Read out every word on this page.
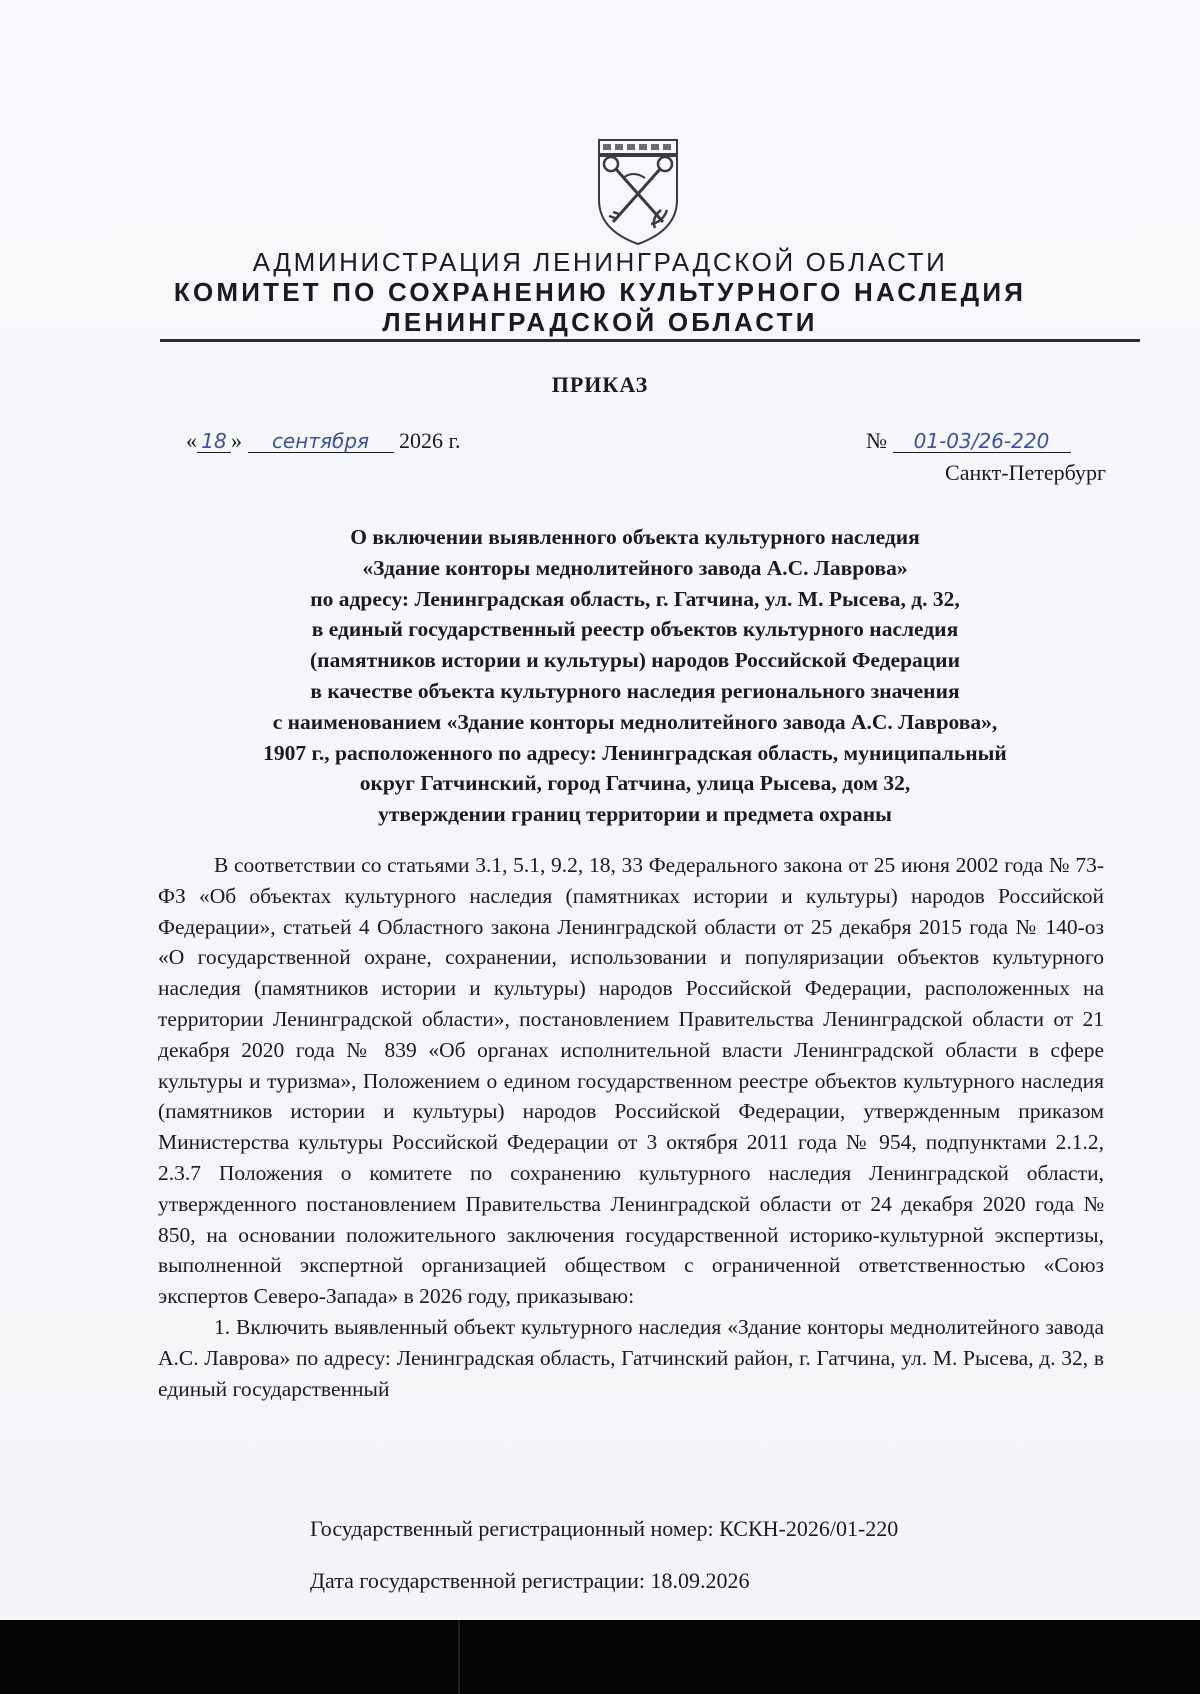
АДМИНИСТРАЦИЯ ЛЕНИНГРАДСКОЙ ОБЛАСТИ
КОМИТЕТ ПО СОХРАНЕНИЮ КУЛЬТУРНОГО НАСЛЕДИЯ
ЛЕНИНГРАДСКОЙ ОБЛАСТИ
ПРИКАЗ
« 18 » сентября 2026 г.	№ 01-03/26-220
Санкт-Петербург
О включении выявленного объекта культурного наследия
«Здание конторы меднолитейного завода А.С. Лаврова»
по адресу: Ленинградская область, г. Гатчина, ул. М. Рысева, д. 32,
в единый государственный реестр объектов культурного наследия
(памятников истории и культуры) народов Российской Федерации
в качестве объекта культурного наследия регионального значения
с наименованием «Здание конторы меднолитейного завода А.С. Лаврова»,
1907 г., расположенного по адресу: Ленинградская область, муниципальный
округ Гатчинский, город Гатчина, улица Рысева, дом 32,
утверждении границ территории и предмета охраны

В соответствии со статьями 3.1, 5.1, 9.2, 18, 33 Федерального закона от 25 июня 2002 года № 73-ФЗ «Об объектах культурного наследия (памятниках истории и культуры) народов Российской Федерации», статьей 4 Областного закона Ленинградской области от 25 декабря 2015 года № 140-оз «О государственной охране, сохранении, использовании и популяризации объектов культурного наследия (памятников истории и культуры) народов Российской Федерации, расположенных на территории Ленинградской области», постановлением Правительства Ленинградской области от 21 декабря 2020 года № 839 «Об органах исполнительной власти Ленинградской области в сфере культуры и туризма», Положением о едином государственном реестре объектов культурного наследия (памятников истории и культуры) народов Российской Федерации, утвержденным приказом Министерства культуры Российской Федерации от 3 октября 2011 года № 954, подпунктами 2.1.2, 2.3.7 Положения о комитете по сохранению культурного наследия Ленинградской области, утвержденного постановлением Правительства Ленинградской области от 24 декабря 2020 года № 850, на основании положительного заключения государственной историко-культурной экспертизы, выполненной экспертной организацией обществом с ограниченной ответственностью «Союз экспертов Северо-Запада» в 2026 году, приказываю:

1. Включить выявленный объект культурного наследия «Здание конторы меднолитейного завода А.С. Лаврова» по адресу: Ленинградская область, Гатчинский район, г. Гатчина, ул. М. Рысева, д. 32, в единый государственный

Государственный регистрационный номер: КСКН-2026/01-220
Дата государственной регистрации: 18.09.2026
